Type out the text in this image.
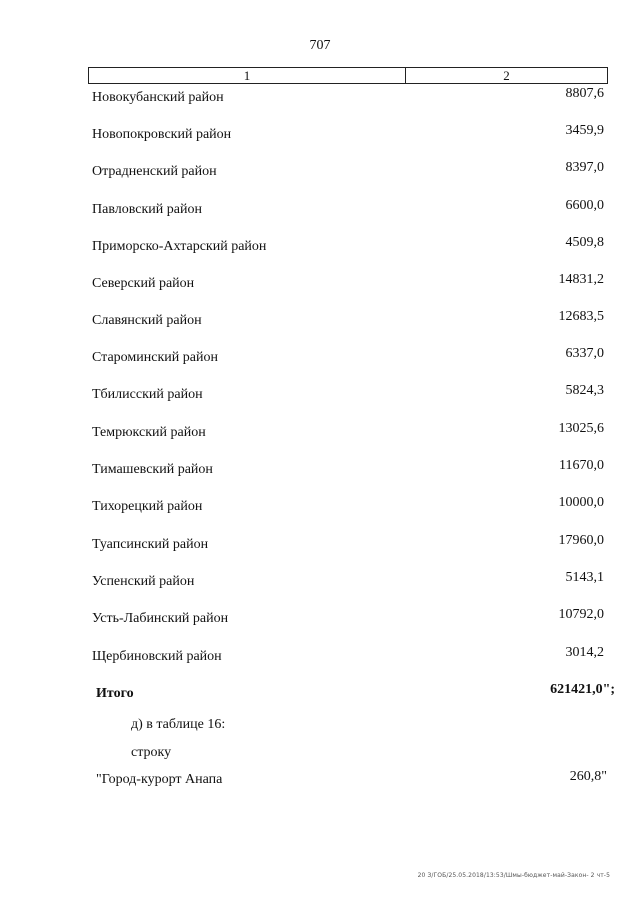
707
1	2
Новокубанский район	8807,6
Новопокровский район	3459,9
Отрадненский район	8397,0
Павловский район	6600,0
Приморско-Ахтарский район	4509,8
Северский район	14831,2
Славянский район	12683,5
Староминский район	6337,0
Тбилисский район	5824,3
Темрюкский район	13025,6
Тимашевский район	11670,0
Тихорецкий район	10000,0
Туапсинский район	17960,0
Успенский район	5143,1
Усть-Лабинский район	10792,0
Щербиновский район	3014,2
Итого	621421,0";
д) в таблице 16:
строку
"Город-курорт Анапа	260,8"
20 З/ГОБ/25.05.2018/13:53/Шмы-бюджет-май-Закон- 2 чт-5
